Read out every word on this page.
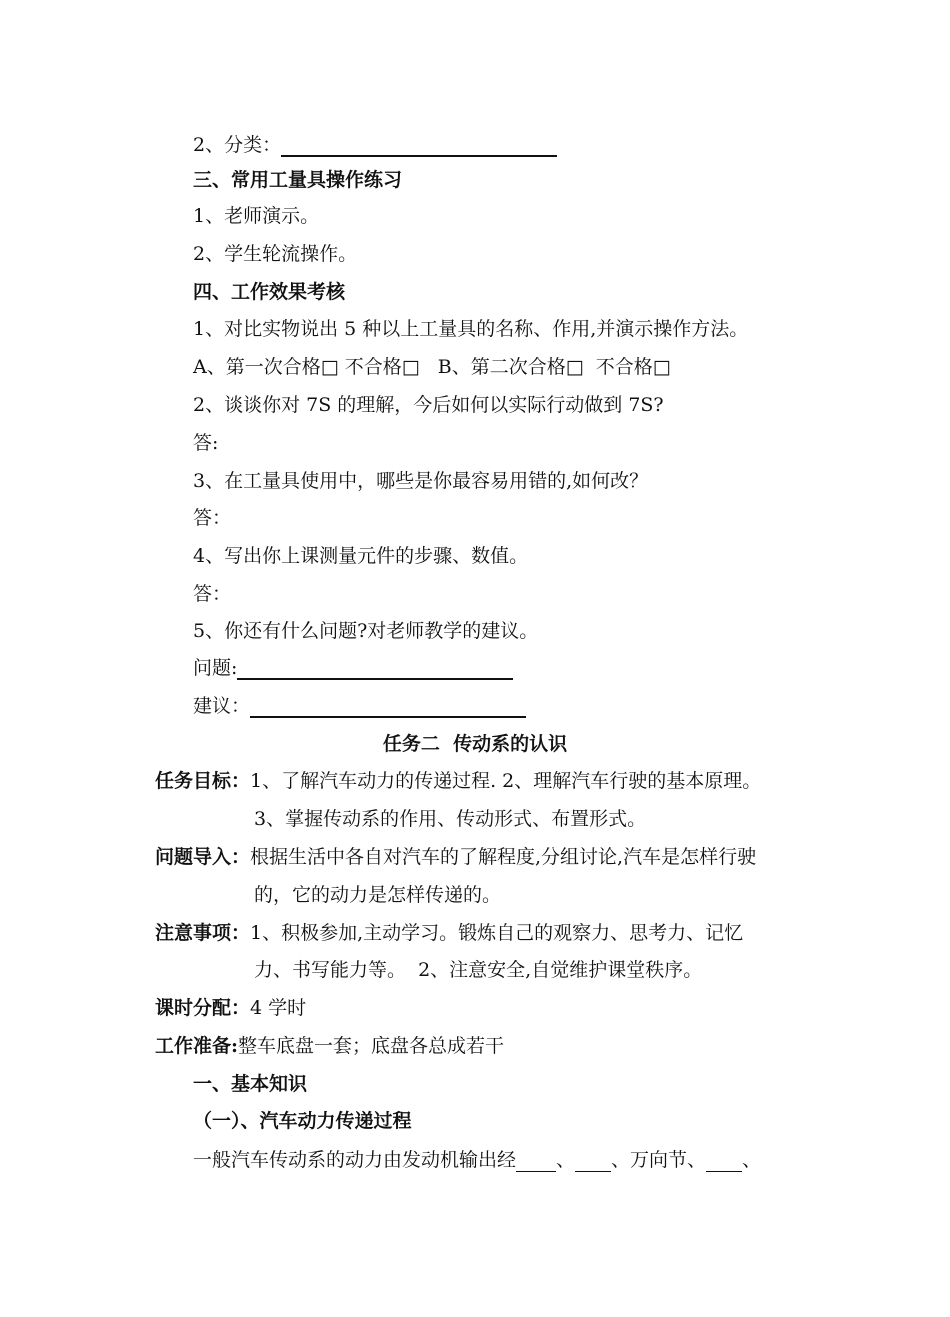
2、分类：
三、常用工量具操作练习
1、老师演示。
2、学生轮流操作。
四、工作效果考核
1、对比实物说出 5 种以上工量具的名称、作用,并演示操作方法。
A、第一次合格□ 不合格□   B、第二次合格□  不合格□
2、谈谈你对 7S 的理解，今后如何以实际行动做到 7S?
答:
3、在工量具使用中，哪些是你最容易用错的,如何改？
答：
4、写出你上课测量元件的步骤、数值。
答：
5、你还有什么问题?对老师教学的建议。
问题:
建议：
任务二  传动系的认识
任务目标：1、了解汽车动力的传递过程. 2、理解汽车行驶的基本原理。
3、掌握传动系的作用、传动形式、布置形式。
问题导入：根据生活中各自对汽车的了解程度,分组讨论,汽车是怎样行驶
的，它的动力是怎样传递的。
注意事项：1、积极参加,主动学习。锻炼自己的观察力、思考力、记忆
力、书写能力等。  2、注意安全,自觉维护课堂秩序。
课时分配：4 学时
工作准备:整车底盘一套；底盘各总成若干
一、基本知识
（一）、汽车动力传递过程
一般汽车传动系的动力由发动机输出经 、 、万向节、 、
